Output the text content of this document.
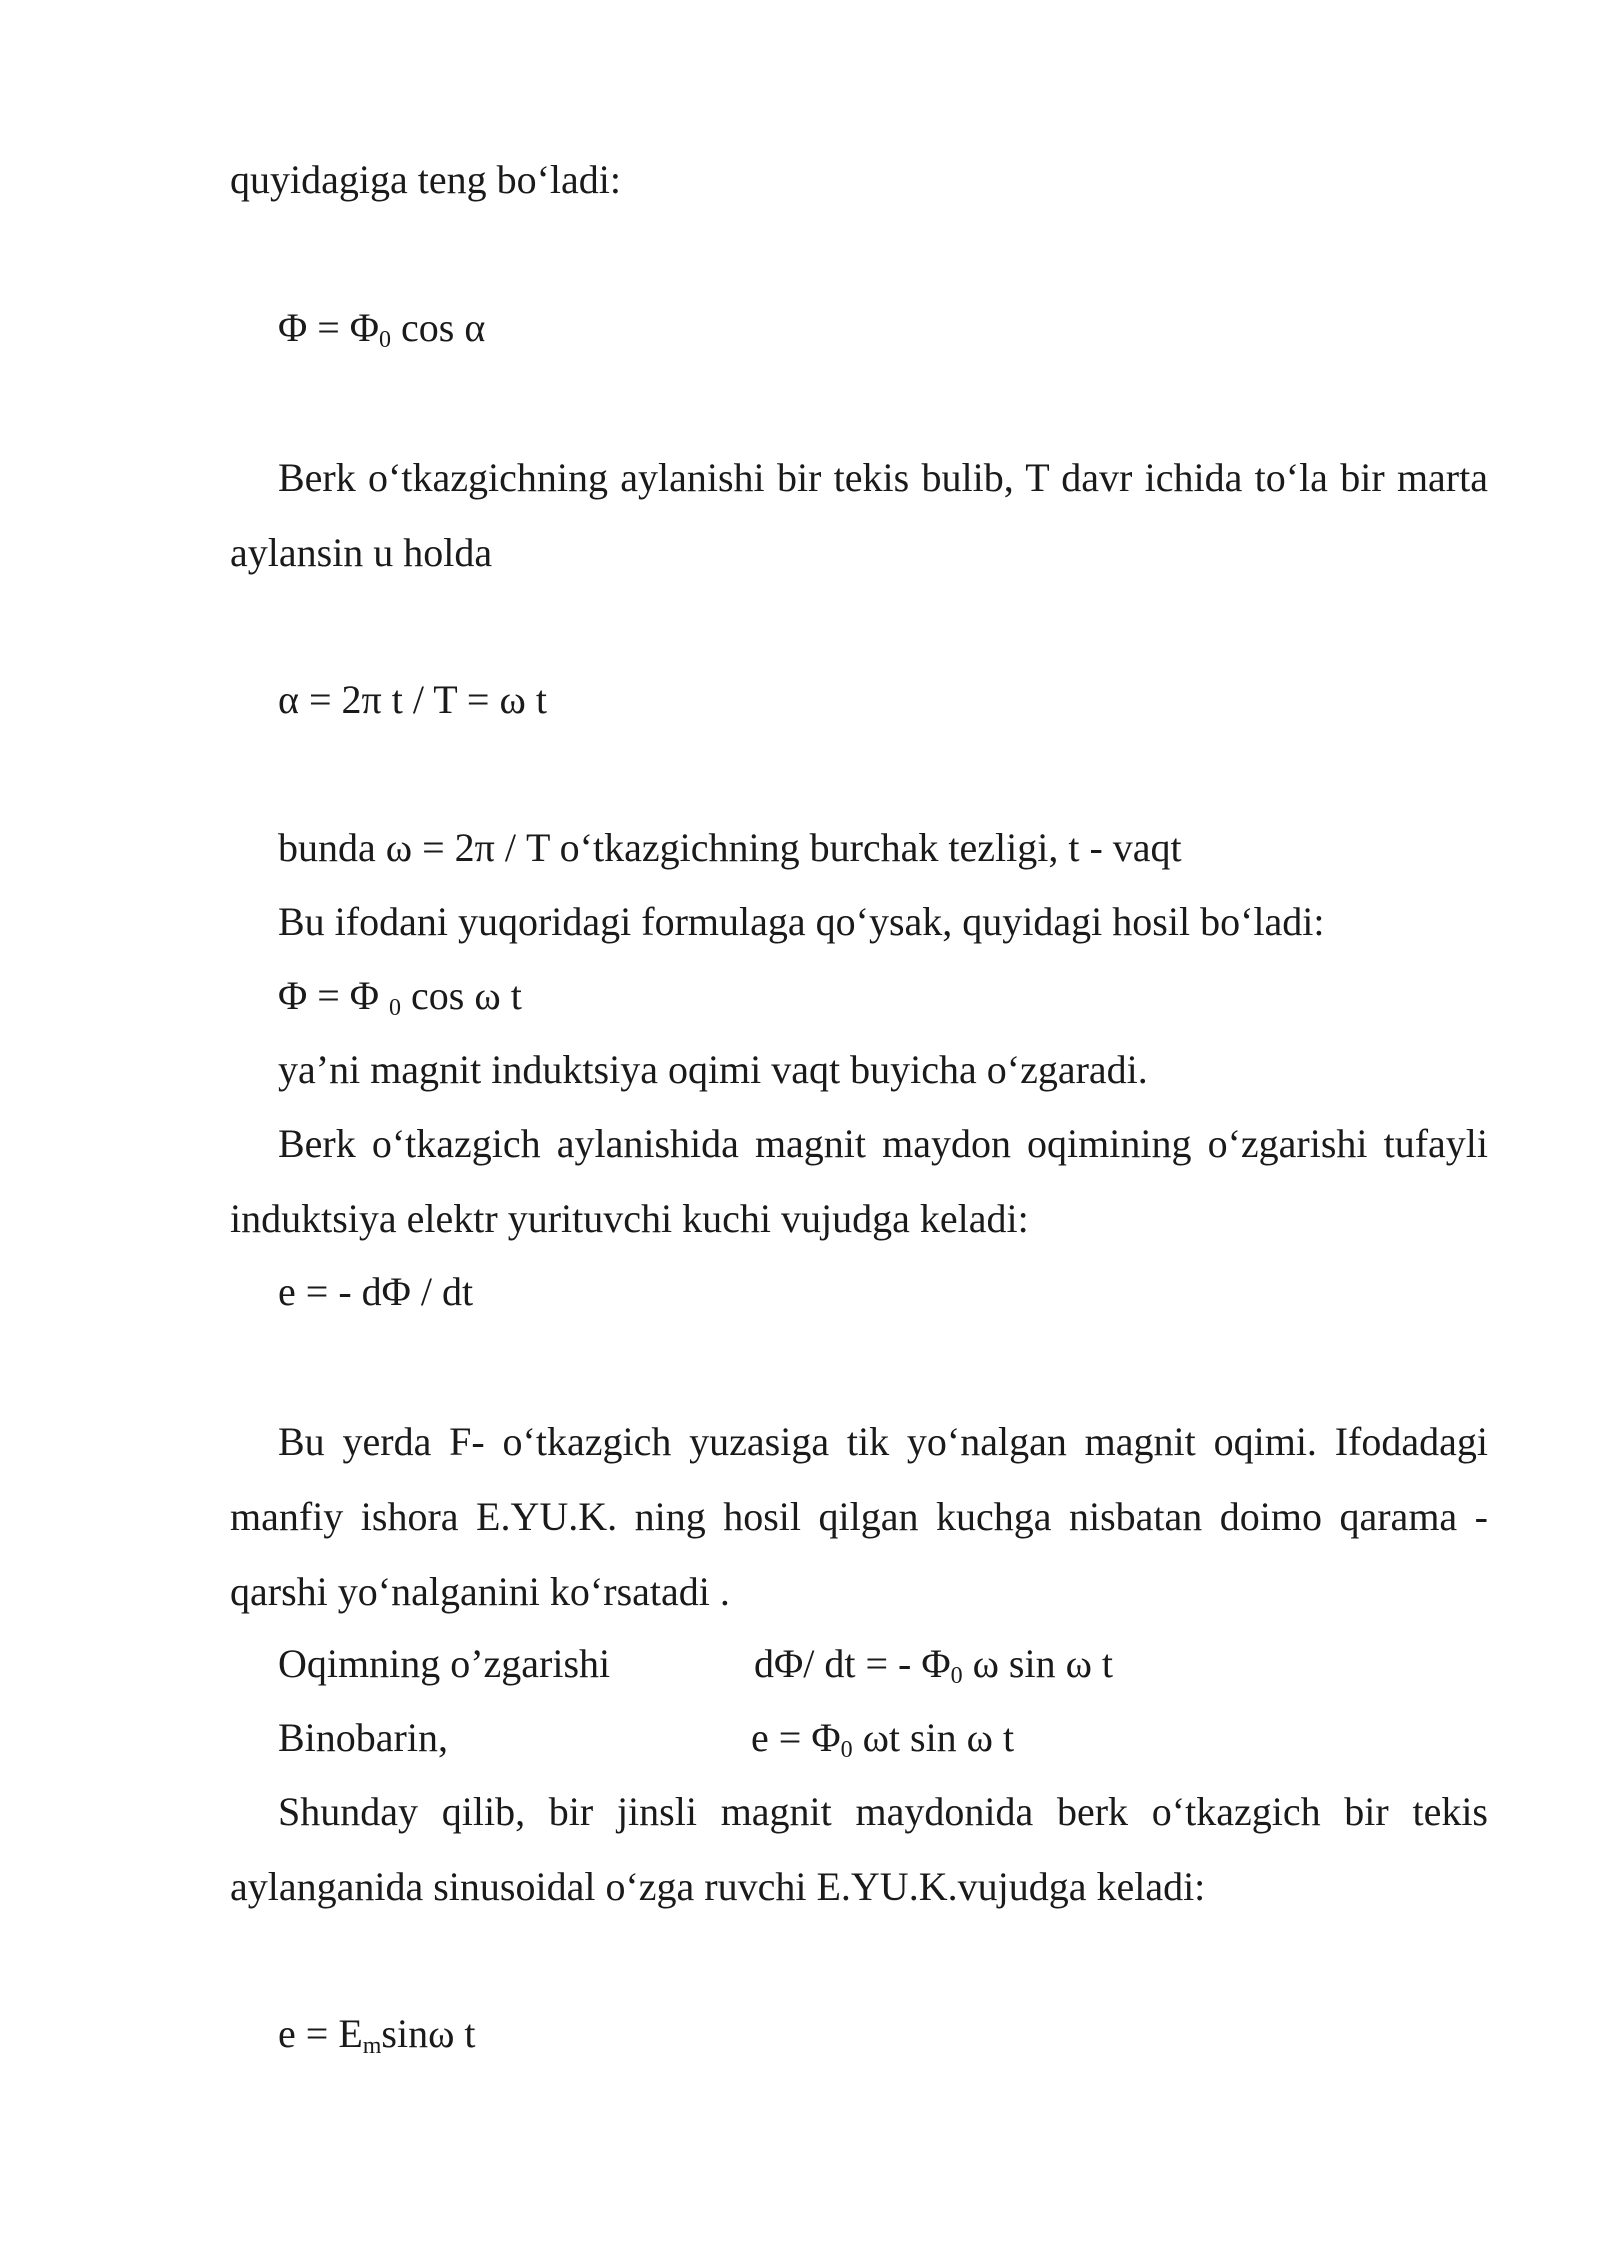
quyidagiga teng bo‘ladi:
$\Phi = \Phi_0$ cos α
Berk o‘tkazgichning aylanishi bir tekis bulib, T davr ichida to‘la bir marta aylansin u holda
α = 2π t / T = ω t
bunda ω = 2π / T o‘tkazgichning burchak tezligi, t - vaqt
Bu ifodani yuqoridagi formulaga qo‘ysak, quyidagi hosil bo‘ladi:
Φ = Φ $_0$ cos ω t
ya’ni magnit induktsiya oqimi vaqt buyicha o‘zgaradi.
Berk o‘tkazgich aylanishida magnit maydon oqimining o‘zgarishi tufayli induktsiya elektr yurituvchi kuchi vujudga keladi:
e = - dΦ / dt
Bu yerda F- o‘tkazgich yuzasiga tik yo‘nalgan magnit oqimi. Ifodadagi manfiy ishora E.YU.K. ning hosil qilgan kuchga nisbatan doimo qarama -qarshi yo‘nalganini ko‘rsatadi .
Oqimning o’zgarishi	dΦ/ dt = - $\Phi_0$ ω sin ω t
Binobarin,	$e = \Phi_0$ ωt sin ω t
Shunday qilib, bir jinsli magnit maydonida berk o‘tkazgich bir tekis aylanganida sinusoidal o‘zga ruvchi E.YU.K.vujudga keladi:
$e = E_m\sin\omega$ t
